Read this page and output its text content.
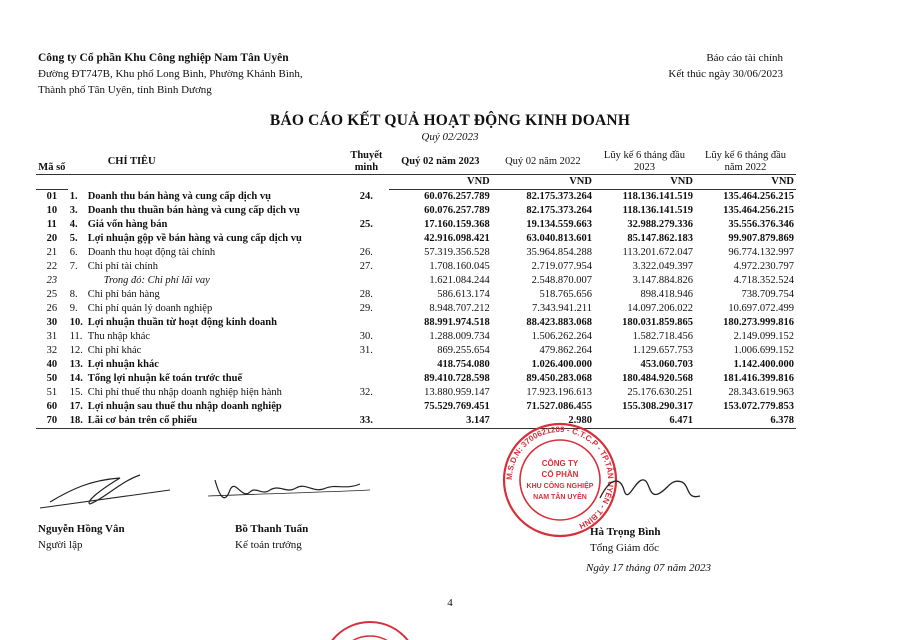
Công ty Cổ phần Khu Công nghiệp Nam Tân Uyên
Đường ĐT747B, Khu phố Long Bình, Phường Khánh Bình,
Thành phố Tân Uyên, tỉnh Bình Dương
Báo cáo tài chính
Kết thúc ngày 30/06/2023
BÁO CÁO KẾT QUẢ HOẠT ĐỘNG KINH DOANH
Quý 02/2023
Mã số	CHỈ TIÊU	Thuyết minh	Quý 02 năm 2023	Quý 02 năm 2022	Lũy kế 6 tháng đầu 2023	Lũy kế 6 tháng đầu năm 2022
			VND	VND	VND	VND
01	1. Doanh thu bán hàng và cung cấp dịch vụ	24.	60.076.257.789	82.175.373.264	118.136.141.519	135.464.256.215
10	3. Doanh thu thuần bán hàng và cung cấp dịch vụ		60.076.257.789	82.175.373.264	118.136.141.519	135.464.256.215
11	4. Giá vốn hàng bán	25.	17.160.159.368	19.134.559.663	32.988.279.336	35.556.376.346
20	5. Lợi nhuận gộp về bán hàng và cung cấp dịch vụ		42.916.098.421	63.040.813.601	85.147.862.183	99.907.879.869
21	6. Doanh thu hoạt động tài chính	26.	57.319.356.528	35.964.854.288	113.201.672.047	96.774.132.997
22	7. Chi phí tài chính	27.	1.708.160.045	2.719.077.954	3.322.049.397	4.972.230.797
23	Trong đó: Chi phí lãi vay		1.621.084.244	2.548.870.007	3.147.884.826	4.718.352.524
25	8. Chi phí bán hàng	28.	586.613.174	518.765.656	898.418.946	738.709.754
26	9. Chi phí quản lý doanh nghiệp	29.	8.948.707.212	7.343.941.211	14.097.206.022	10.697.072.499
30	10. Lợi nhuận thuần từ hoạt động kinh doanh		88.991.974.518	88.423.883.068	180.031.859.865	180.273.999.816
31	11. Thu nhập khác	30.	1.288.009.734	1.506.262.264	1.582.718.456	2.149.099.152
32	12. Chi phí khác	31.	869.255.654	479.862.264	1.129.657.753	1.006.699.152
40	13. Lợi nhuận khác		418.754.080	1.026.400.000	453.060.703	1.142.400.000
50	14. Tổng lợi nhuận kế toán trước thuế		89.410.728.598	89.450.283.068	180.484.920.568	181.416.399.816
51	15. Chi phí thuế thu nhập doanh nghiệp hiện hành	32.	13.880.959.147	17.923.196.613	25.176.630.251	28.343.619.963
60	17. Lợi nhuận sau thuế thu nhập doanh nghiệp		75.529.769.451	71.527.086.455	155.308.290.317	153.072.779.853
70	18. Lãi cơ bản trên cổ phiếu	33.	3.147	2.980	6.471	6.378
Nguyễn Hồng Vân
Người lập
Bồ Thanh Tuấn
Kế toán trưởng
M.S.D.N: 3700621209 - C.T.C.P - TP.TÂN UYÊN - T.BÌNH
CÔNG TY
CỔ PHẦN
KHU CÔNG NGHIỆP
NAM TÂN UYÊN
Hà Trọng Bình
Tổng Giám đốc
Ngày 17 tháng 07 năm 2023
4
